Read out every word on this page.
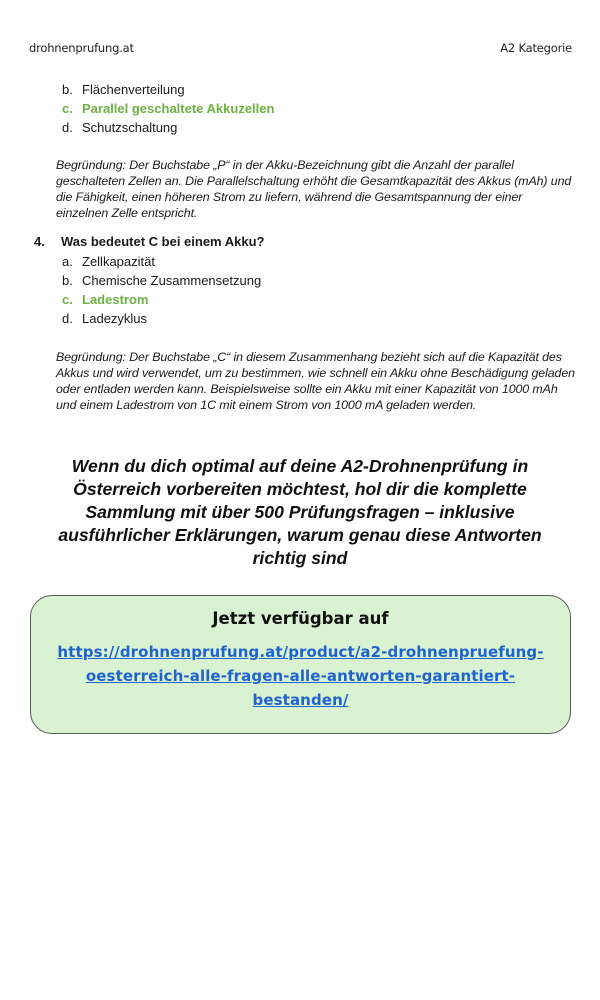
drohnenprufung.at	A2 Kategorie
b. Flächenverteilung
c. Parallel geschaltete Akkuzellen
d. Schutzschaltung

Begründung: Der Buchstabe „P“ in der Akku-Bezeichnung gibt die Anzahl der parallel geschalteten Zellen an. Die Parallelschaltung erhöht die Gesamtkapazität des Akkus (mAh) und die Fähigkeit, einen höheren Strom zu liefern, während die Gesamtspannung der einer einzelnen Zelle entspricht.

4. Was bedeutet C bei einem Akku?
a. Zellkapazität
b. Chemische Zusammensetzung
c. Ladestrom
d. Ladezyklus

Begründung: Der Buchstabe „C“ in diesem Zusammenhang bezieht sich auf die Kapazität des Akkus und wird verwendet, um zu bestimmen, wie schnell ein Akku ohne Beschädigung geladen oder entladen werden kann. Beispielsweise sollte ein Akku mit einer Kapazität von 1000 mAh und einem Ladestrom von 1C mit einem Strom von 1000 mA geladen werden.

Wenn du dich optimal auf deine A2-Drohnenprüfung in Österreich vorbereiten möchtest, hol dir die komplette Sammlung mit über 500 Prüfungsfragen – inklusive ausführlicher Erklärungen, warum genau diese Antworten richtig sind

Jetzt verfügbar auf
https://drohnenprufung.at/product/a2-drohnenpruefung-
oesterreich-alle-fragen-alle-antworten-garantiert-
bestanden/
